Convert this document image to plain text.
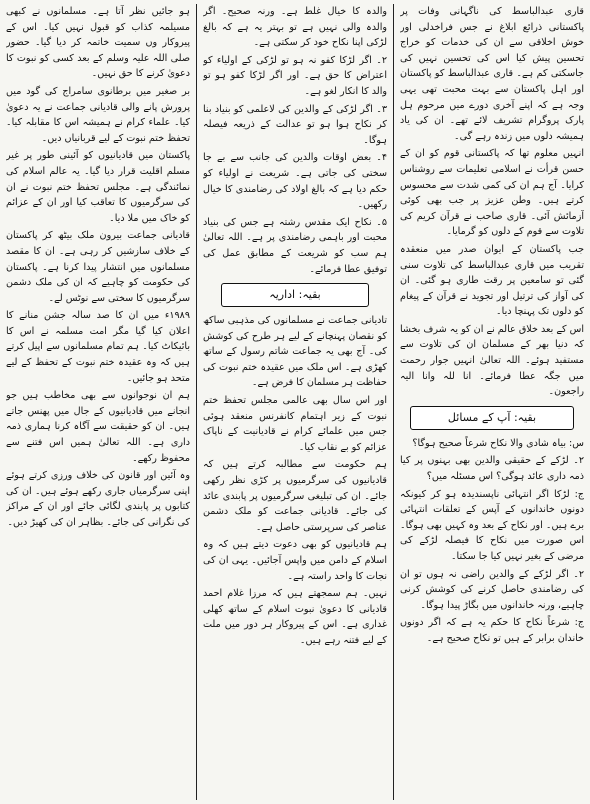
قاری عبدالباسط کی ناگہانی وفات پر پاکستانی ذرائع ابلاغ نے جس فراخدلی اور خوش اخلاقی سے ان کی خدمات کو خراج تحسین پیش کیا اس کی تحسین نہیں کی جاسکتی کم ہے۔ قاری عبدالباسط کو پاکستان اور اہل پاکستان سے بہت محبت تھی یہی وجہ ہے کہ اپنے آخری دورے میں مرحوم ہل پارک پروگرام تشریف لائے تھے۔ ان کی یاد ہمیشہ دلوں میں زندہ رہے گی۔

انہیں معلوم تھا کہ پاکستانی قوم کو ان کے حسن قرأت نے اسلامی تعلیمات سے روشناس کرایا۔ آج ہم ان کی کمی شدت سے محسوس کرتے ہیں۔ وطن عزیز پر جب بھی کوئی آزمائش آئی۔ قاری صاحب نے قرآن کریم کی تلاوت سے قوم کے دلوں کو گرمایا۔

جب پاکستان کے ایوان صدر میں منعقدہ تقریب میں قاری عبدالباسط کی تلاوت سنی گئی تو سامعین پر رقت طاری ہو گئی۔ ان کی آواز کی ترتیل اور تجوید نے قرآن کے پیغام کو دلوں تک پہنچا دیا۔

اس کے بعد خلاق عالم نے ان کو یہ شرف بخشا کہ دنیا بھر کے مسلمان ان کی تلاوت سے مستفید ہوئے۔ اللہ تعالیٰ انہیں جوار رحمت میں جگہ عطا فرمائے۔ انا للہ وانا الیہ راجعون۔

بقیہ: آپ کے مسائل

س: بیاہ شادی والا نکاح شرعاً صحیح ہوگا؟

۲۔ لڑکے کے حقیقی والدین بھی بہنوں پر کیا ذمہ داری عائد ہوگی؟ اس مسئلہ میں؟

ج: لڑکا اگر انتہائی ناپسندیدہ ہو کر کیونکہ دونوں خاندانوں کے آپس کے تعلقات انتہائی برے ہیں۔ اور نکاح کے بعد وہ کہیں بھی ہوگا۔ اس صورت میں نکاح کا فیصلہ لڑکے کی مرضی کے بغیر نہیں کیا جا سکتا۔

۲۔ اگر لڑکے کے والدین راضی نہ ہوں تو ان کی رضامندی حاصل کرنے کی کوشش کرنی چاہیے، ورنہ خاندانوں میں بگاڑ پیدا ہوگا۔

ج: شرعاً نکاح کا حکم یہ ہے کہ اگر دونوں خاندان برابر کے ہیں تو نکاح صحیح ہے۔

والدہ کا خیال غلط ہے۔ ورنہ صحیح۔ اگر والدہ والی نہیں ہے تو بہتر یہ ہے کہ بالغ لڑکی اپنا نکاح خود کر سکتی ہے۔

۲۔ اگر لڑکا کفو نہ ہو تو لڑکی کے اولیاء کو اعتراض کا حق ہے۔ اور اگر لڑکا کفو ہو تو والد کا انکار لغو ہے۔

۳۔ اگر لڑکی کے والدین کی لاعلمی کو بنیاد بنا کر نکاح ہوا ہو تو عدالت کے ذریعہ فیصلہ ہوگا۔

۴۔ بعض اوقات والدین کی جانب سے بے جا سختی کی جاتی ہے۔ شریعت نے اولیاء کو حکم دیا ہے کہ بالغ اولاد کی رضامندی کا خیال رکھیں۔

۵۔ نکاح ایک مقدس رشتہ ہے جس کی بنیاد محبت اور باہمی رضامندی پر ہے۔ اللہ تعالیٰ ہم سب کو شریعت کے مطابق عمل کی توفیق عطا فرمائے۔

بقیہ: اداریہ

تادیانی جماعت نے مسلمانوں کی مذہبی ساکھ کو نقصان پہنچانے کے لیے ہر طرح کی کوشش کی۔ آج بھی یہ جماعت شاتم رسول کے ساتھ کھڑی ہے۔ اس ملک میں عقیدہ ختم نبوت کی حفاظت ہر مسلمان کا فرض ہے۔

اور اس سال بھی عالمی مجلس تحفظ ختم نبوت کے زیر اہتمام کانفرنس منعقد ہوئی جس میں علمائے کرام نے قادیانیت کے ناپاک عزائم کو بے نقاب کیا۔

ہم حکومت سے مطالبہ کرتے ہیں کہ قادیانیوں کی سرگرمیوں پر کڑی نظر رکھی جائے۔ ان کی تبلیغی سرگرمیوں پر پابندی عائد کی جائے۔ قادیانی جماعت کو ملک دشمن عناصر کی سرپرستی حاصل ہے۔

ہم قادیانیوں کو بھی دعوت دیتے ہیں کہ وہ اسلام کے دامن میں واپس آجائیں۔ یہی ان کی نجات کا واحد راستہ ہے۔

نہیں۔ ہم سمجھتے ہیں کہ مرزا غلام احمد قادیانی کا دعویٰ نبوت اسلام کے ساتھ کھلی غداری ہے۔ اس کے پیروکار ہر دور میں ملت کے لیے فتنہ رہے ہیں۔

ہو جائیں نظر آتا ہے۔ مسلمانوں نے کبھی مسیلمہ کذاب کو قبول نہیں کیا۔ اس کے پیروکار وں سمیت خاتمہ کر دیا گیا۔ حضور صلی اللہ علیہ وسلم کے بعد کسی کو نبوت کا دعویٰ کرنے کا حق نہیں۔

بر صغیر میں برطانوی سامراج کی گود میں پرورش پانے والی قادیانی جماعت نے یہ دعویٰ کیا۔ علماء کرام نے ہمیشہ اس کا مقابلہ کیا۔ تحفظ ختم نبوت کے لیے قربانیاں دیں۔

پاکستان میں قادیانیوں کو آئینی طور پر غیر مسلم اقلیت قرار دیا گیا۔ یہ عالم اسلام کی نمائندگی ہے۔ مجلس تحفظ ختم نبوت نے ان کی سرگرمیوں کا تعاقب کیا اور ان کے عزائم کو خاک میں ملا دیا۔

قادیانی جماعت بیرون ملک بیٹھ کر پاکستان کے خلاف سازشیں کر رہی ہے۔ ان کا مقصد مسلمانوں میں انتشار پیدا کرنا ہے۔ پاکستان کی حکومت کو چاہیے کہ ان کی ملک دشمن سرگرمیوں کا سختی سے نوٹس لے۔

۱۹۸۹ء میں ان کا صد سالہ جشن منانے کا اعلان کیا گیا مگر امت مسلمہ نے اس کا بائیکاٹ کیا۔ ہم تمام مسلمانوں سے اپیل کرتے ہیں کہ وہ عقیدہ ختم نبوت کے تحفظ کے لیے متحد ہو جائیں۔

ہم ان نوجوانوں سے بھی مخاطب ہیں جو انجانے میں قادیانیوں کے جال میں پھنس جاتے ہیں۔ ان کو حقیقت سے آگاہ کرنا ہماری ذمہ داری ہے۔ اللہ تعالیٰ ہمیں اس فتنے سے محفوظ رکھے۔

وہ آئین اور قانون کی خلاف ورزی کرتے ہوئے اپنی سرگرمیاں جاری رکھے ہوئے ہیں۔ ان کی کتابوں پر پابندی لگائی جائے اور ان کے مراکز کی نگرانی کی جائے۔ بظاہر ان کی کھیڑ دیں۔
